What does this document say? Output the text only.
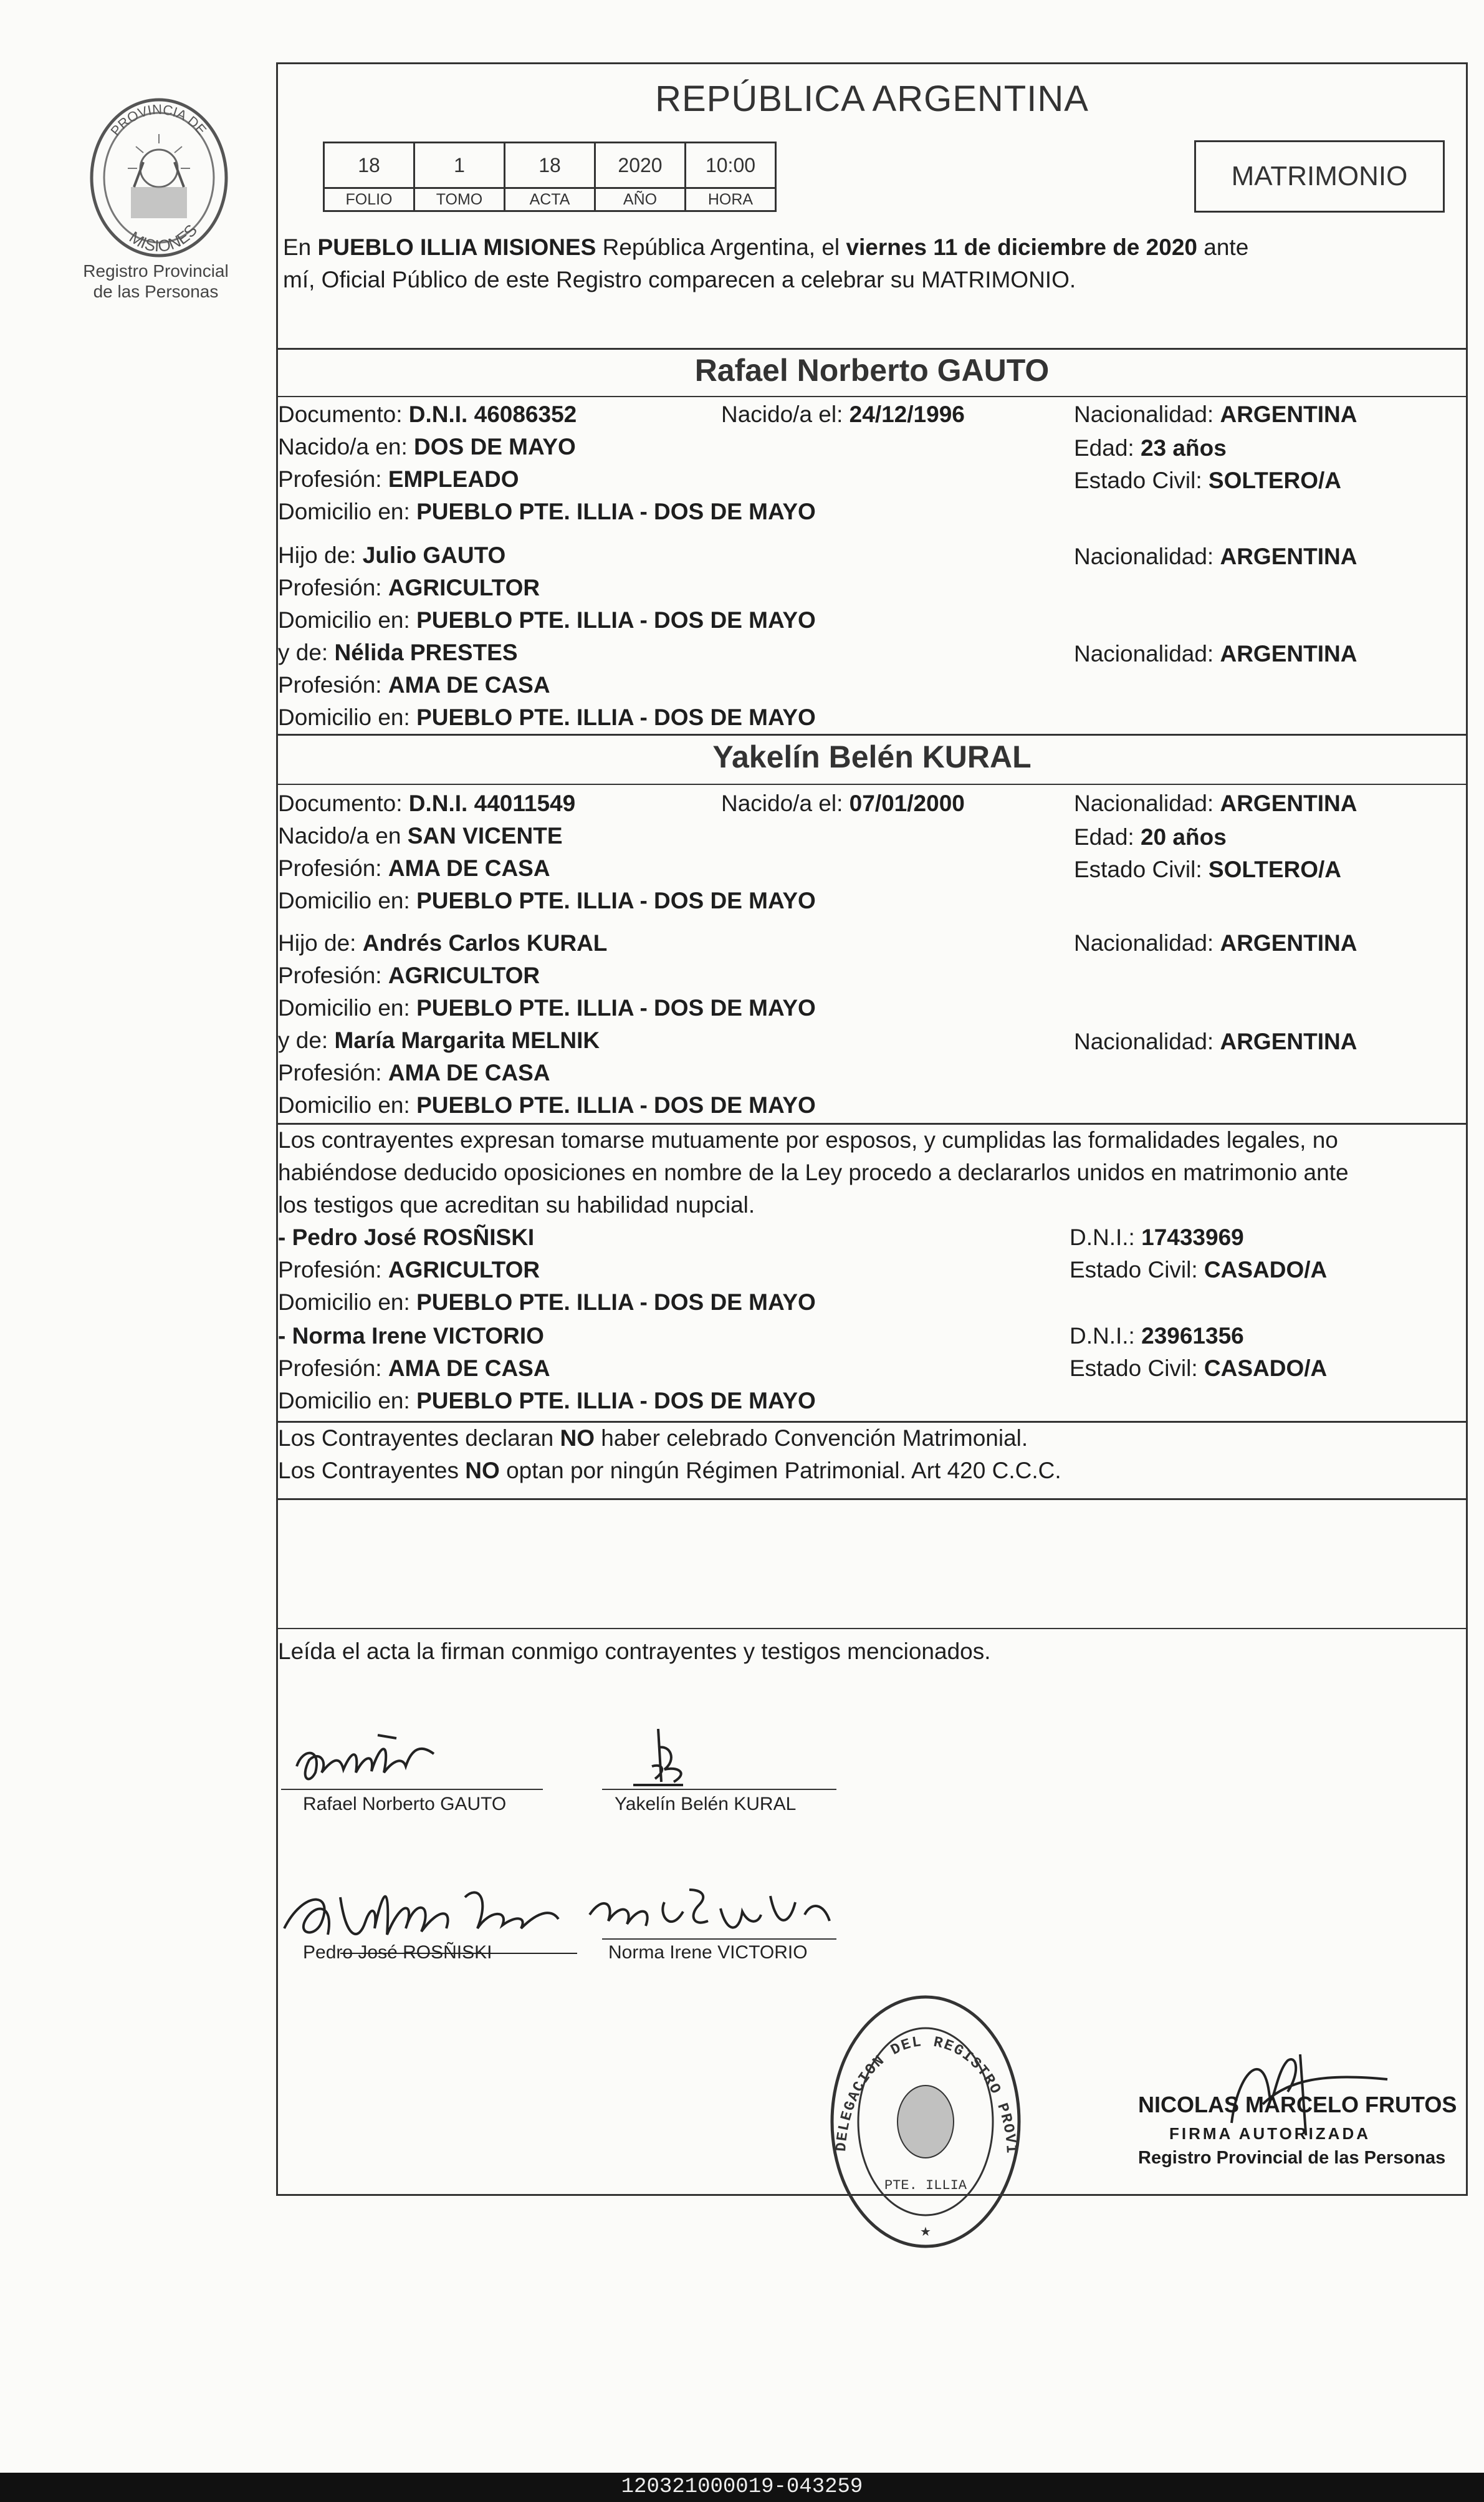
PROVINCIA DE
MISIONES
Registro Provincial
de las Personas
REPÚBLICA ARGENTINA
18	1	18	2020	10:00
FOLIO	TOMO	ACTA	AÑO	HORA
MATRIMONIO
En PUEBLO ILLIA MISIONES República Argentina, el viernes 11 de diciembre de 2020 ante
mí, Oficial Público de este Registro comparecen a celebrar su MATRIMONIO.
Rafael Norberto GAUTO
Documento: D.N.I. 46086352	Nacido/a el: 24/12/1996	Nacionalidad: ARGENTINA
Nacido/a en: DOS DE MAYO	Edad: 23 años
Profesión: EMPLEADO	Estado Civil: SOLTERO/A
Domicilio en: PUEBLO PTE. ILLIA - DOS DE MAYO
Hijo de: Julio GAUTO	Nacionalidad: ARGENTINA
Profesión: AGRICULTOR
Domicilio en: PUEBLO PTE. ILLIA - DOS DE MAYO
y de: Nélida PRESTES	Nacionalidad: ARGENTINA
Profesión: AMA DE CASA
Domicilio en: PUEBLO PTE. ILLIA - DOS DE MAYO
Yakelín Belén KURAL
Documento: D.N.I. 44011549	Nacido/a el: 07/01/2000	Nacionalidad: ARGENTINA
Nacido/a en SAN VICENTE	Edad: 20 años
Profesión: AMA DE CASA	Estado Civil: SOLTERO/A
Domicilio en: PUEBLO PTE. ILLIA - DOS DE MAYO
Hijo de: Andrés Carlos KURAL	Nacionalidad: ARGENTINA
Profesión: AGRICULTOR
Domicilio en: PUEBLO PTE. ILLIA - DOS DE MAYO
y de: María Margarita MELNIK	Nacionalidad: ARGENTINA
Profesión: AMA DE CASA
Domicilio en: PUEBLO PTE. ILLIA - DOS DE MAYO
Los contrayentes expresan tomarse mutuamente por esposos, y cumplidas las formalidades legales, no
habiéndose deducido oposiciones en nombre de la Ley procedo a declararlos unidos en matrimonio ante
los testigos que acreditan su habilidad nupcial.
- Pedro José ROSÑISKI	D.N.I.: 17433969
Profesión: AGRICULTOR	Estado Civil: CASADO/A
Domicilio en: PUEBLO PTE. ILLIA - DOS DE MAYO
- Norma Irene VICTORIO	D.N.I.: 23961356
Profesión: AMA DE CASA	Estado Civil: CASADO/A
Domicilio en: PUEBLO PTE. ILLIA - DOS DE MAYO
Los Contrayentes declaran NO haber celebrado Convención Matrimonial.
Los Contrayentes NO optan por ningún Régimen Patrimonial. Art 420 C.C.C.
Leída el acta la firman conmigo contrayentes y testigos mencionados.
Rafael Norberto GAUTO	Yakelín Belén KURAL
Pedro José ROSÑISKI	Norma Irene VICTORIO
DELEGACION DEL REGISTRO PROVI
PTE. ILLIA
★
NICOLAS MARCELO FRUTOS
FIRMA AUTORIZADA
Registro Provincial de las Personas
120321000019-043259
